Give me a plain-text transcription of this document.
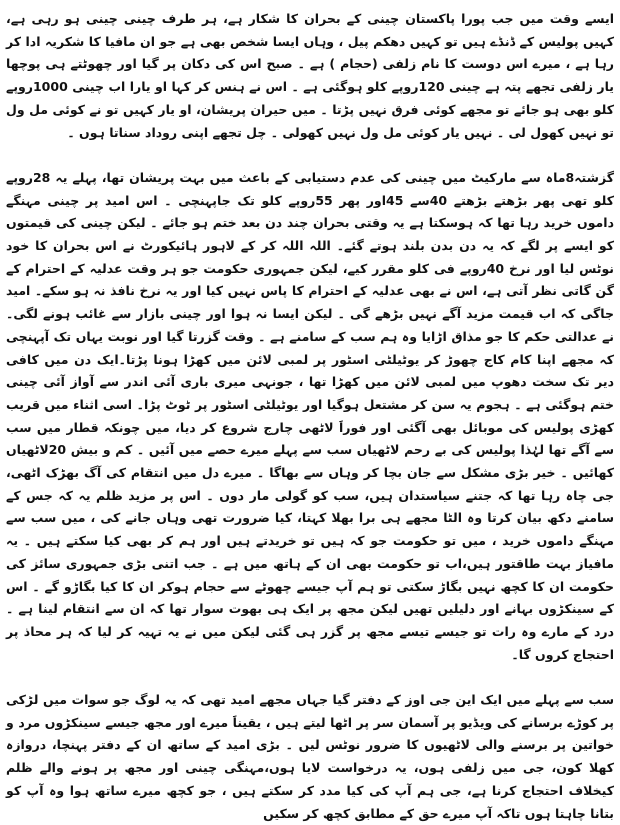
ایسے وقت میں جب پورا پاکستان چینی کے بحران کا شکار ہے، ہر طرف چینی چینی ہو رہی ہے، کہیں پولیس کے ڈنڈے ہیں تو کہیں دھکم پیل ، وہاں ایسا شخص بھی ہے جو ان مافیا کا شکریہ ادا کر رہا ہے ، میرے اس دوست کا نام زلفی (حجام ) ہے ۔ صبح اس کی دکان پر گیا اور چھوٹتے ہی پوچھا یار زلفی تجھے پتہ ہے چینی 120روپے کلو ہوگئی ہے ۔ اس نے ہنس کر کہا او یارا اب چینی 1000روپے کلو بھی ہو جائے تو مجھے کوئی فرق نہیں پڑتا ۔ میں حیران پریشان، او یار کہیں تو نے کوئی مل ول تو نہیں کھول لی ۔ نہیں یار کوئی مل ول نہیں کھولی ۔ چل تجھے اپنی روداد سناتا ہوں ۔

گزشتہ8ماہ سے مارکیٹ میں چینی کی عدم دستیابی کے باعث میں بہت پریشان تھا، پہلے یہ 28روپے کلو تھی پھر بڑھتے بڑھتے 40سے 45اور پھر 55روپے کلو تک جاپہنچی ۔ اس امید پر چینی مہنگے داموں خرید رہا تھا کہ ہوسکتا ہے یہ وقتی بحران چند دن بعد ختم ہو جائے ۔ لیکن چینی کی قیمتوں کو ایسے پر لگے کہ یہ دن بدن بلند ہوتے گئے۔ اللہ اللہ کر کے لاہور ہائیکورٹ نے اس بحران کا خود نوٹس لیا اور نرخ 40روپے فی کلو مقرر کیے، لیکن جمہوری حکومت جو ہر وقت عدلیہ کے احترام کے گن گاتی نظر آتی ہے، اس نے بھی عدلیہ کے احترام کا پاس نہیں کیا اور یہ نرخ نافذ نہ ہو سکے۔ امید جاگی کہ اب قیمت مزید آگے نہیں بڑھے گی ۔ لیکن ایسا نہ ہوا اور چینی بازار سے غائب ہونے لگی۔ نے عدالتی حکم کا جو مذاق اڑایا وہ ہم سب کے سامنے ہے ۔ وقت گزرتا گیا اور نوبت یہاں تک آپہنچی کہ مجھے اپنا کام کاج چھوڑ کر یوٹیلٹی اسٹور پر لمبی لائن میں کھڑا ہونا پڑتا۔ایک دن میں کافی دیر تک سخت دھوپ میں لمبی لائن میں کھڑا تھا ، جونہی میری باری آئی اندر سے آواز آئی چینی ختم ہوگئی ہے ۔ ہجوم یہ سن کر مشتعل ہوگیا اور یوٹیلٹی اسٹور پر ٹوٹ پڑا۔ اسی اثناء میں قریب کھڑی پولیس کی موبائل بھی آگئی اور فوراََ لاٹھی چارج شروع کر دیا، میں چونکہ قطار میں سب سے آگے تھا لہٰذا پولیس کی بے رحم لاٹھیاں سب سے پہلے میرے حصے میں آئیں ۔ کم و بیش 20لاٹھیاں کھائیں ۔ خیر بڑی مشکل سے جان بچا کر وہاں سے بھاگا ۔ میرے دل میں انتقام کی آگ بھڑک اٹھی، جی چاہ رہا تھا کہ جتنے سیاستدان ہیں، سب کو گولی مار دوں ۔ اس پر مزید ظلم یہ کہ جس کے سامنے دکھ بیان کرتا وہ الٹا مجھے ہی برا بھلا کہتا، کیا ضرورت تھی وہاں جانے کی ، میں سب سے مہنگے داموں خرید ، میں تو حکومت جو کہ ہیں تو خریدتے ہیں اور ہم کر بھی کیا سکتے ہیں ۔ یہ مافیاز بہت طاقتور ہیں،اب تو حکومت بھی ان کے ہاتھ میں ہے ۔ جب اتنی بڑی جمہوری سائز کی حکومت ان کا کچھ نہیں بگاڑ سکتی تو ہم آپ جیسے چھوٹے سے حجام ہوکر ان کا کیا بگاڑو گے ۔ اس کے سینکڑوں بہانے اور دلیلیں تھیں لیکن مجھ پر ایک ہی بھوت سوار تھا کہ ان سے انتقام لینا ہے ۔درد کے مارے وہ رات تو جیسے تیسے مجھ پر گزر ہی گئی لیکن میں نے یہ تہیہ کر لیا کہ ہر محاذ پر احتجاج کروں گا۔

سب سے پہلے میں ایک این جی اوز کے دفتر گیا جہاں مجھے امید تھی کہ یہ لوگ جو سوات میں لڑکی پر کوڑے برسانے کی ویڈیو پر آسمان سر پر اٹھا لیتے ہیں ، یقیناََ میرے اور مجھ جیسے سینکڑوں مرد و خواتین پر برسنے والی لاٹھیوں کا ضرور نوٹس لیں ۔ بڑی امید کے ساتھ ان کے دفتر پہنچا، دروازہ کھلا کون، جی میں زلفی ہوں، یہ درخواست لایا ہوں،مہنگی چینی اور مجھ پر ہونے والے ظلم کیخلاف احتجاج کرنا ہے، جی ہم آپ کی کیا مدد کر سکتے ہیں ، جو کچھ میرے ساتھ ہوا وہ آپ کو بتانا چاہتا ہوں تاکہ آپ میرے حق کے مطابق کچھ کر سکیں
